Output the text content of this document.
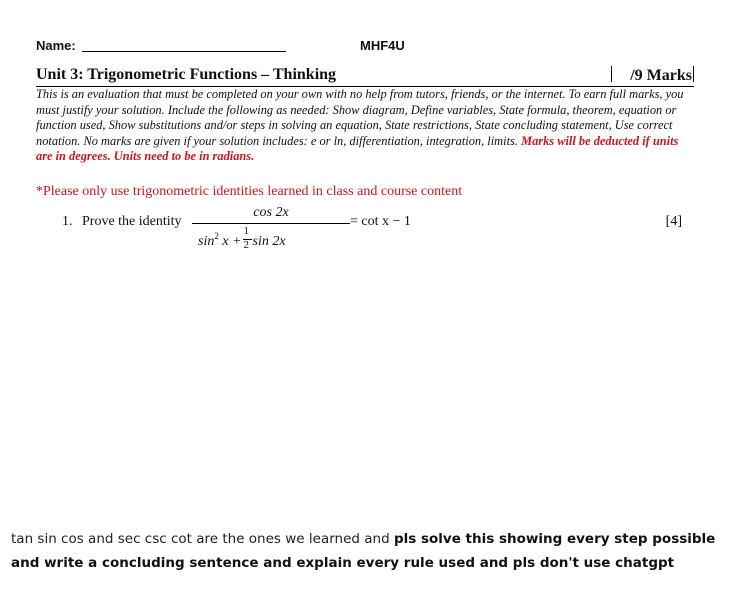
Name:	MHF4U
Unit 3: Trigonometric Functions – Thinking	/9 Marks
This is an evaluation that must be completed on your own with no help from tutors, friends, or the internet. To earn full marks, you must justify your solution. Include the following as needed: Show diagram, Define variables, State formula, theorem, equation or function used, Show substitutions and/or steps in solving an equation, State restrictions, State concluding statement, Use correct notation. No marks are given if your solution includes: e or ln, differentiation, integration, limits. Marks will be deducted if units are in degrees. Units need to be in radians.
*Please only use trigonometric identities learned in class and course content
1. Prove the identity
cos 2x
$\sin^2 x + \frac{1}{2}$ sin 2x
= cot x − 1	[4]
tan sin cos and sec csc cot are the ones we learned and pls solve this showing every step possible and write a concluding sentence and explain every rule used and pls don't use chatgpt
